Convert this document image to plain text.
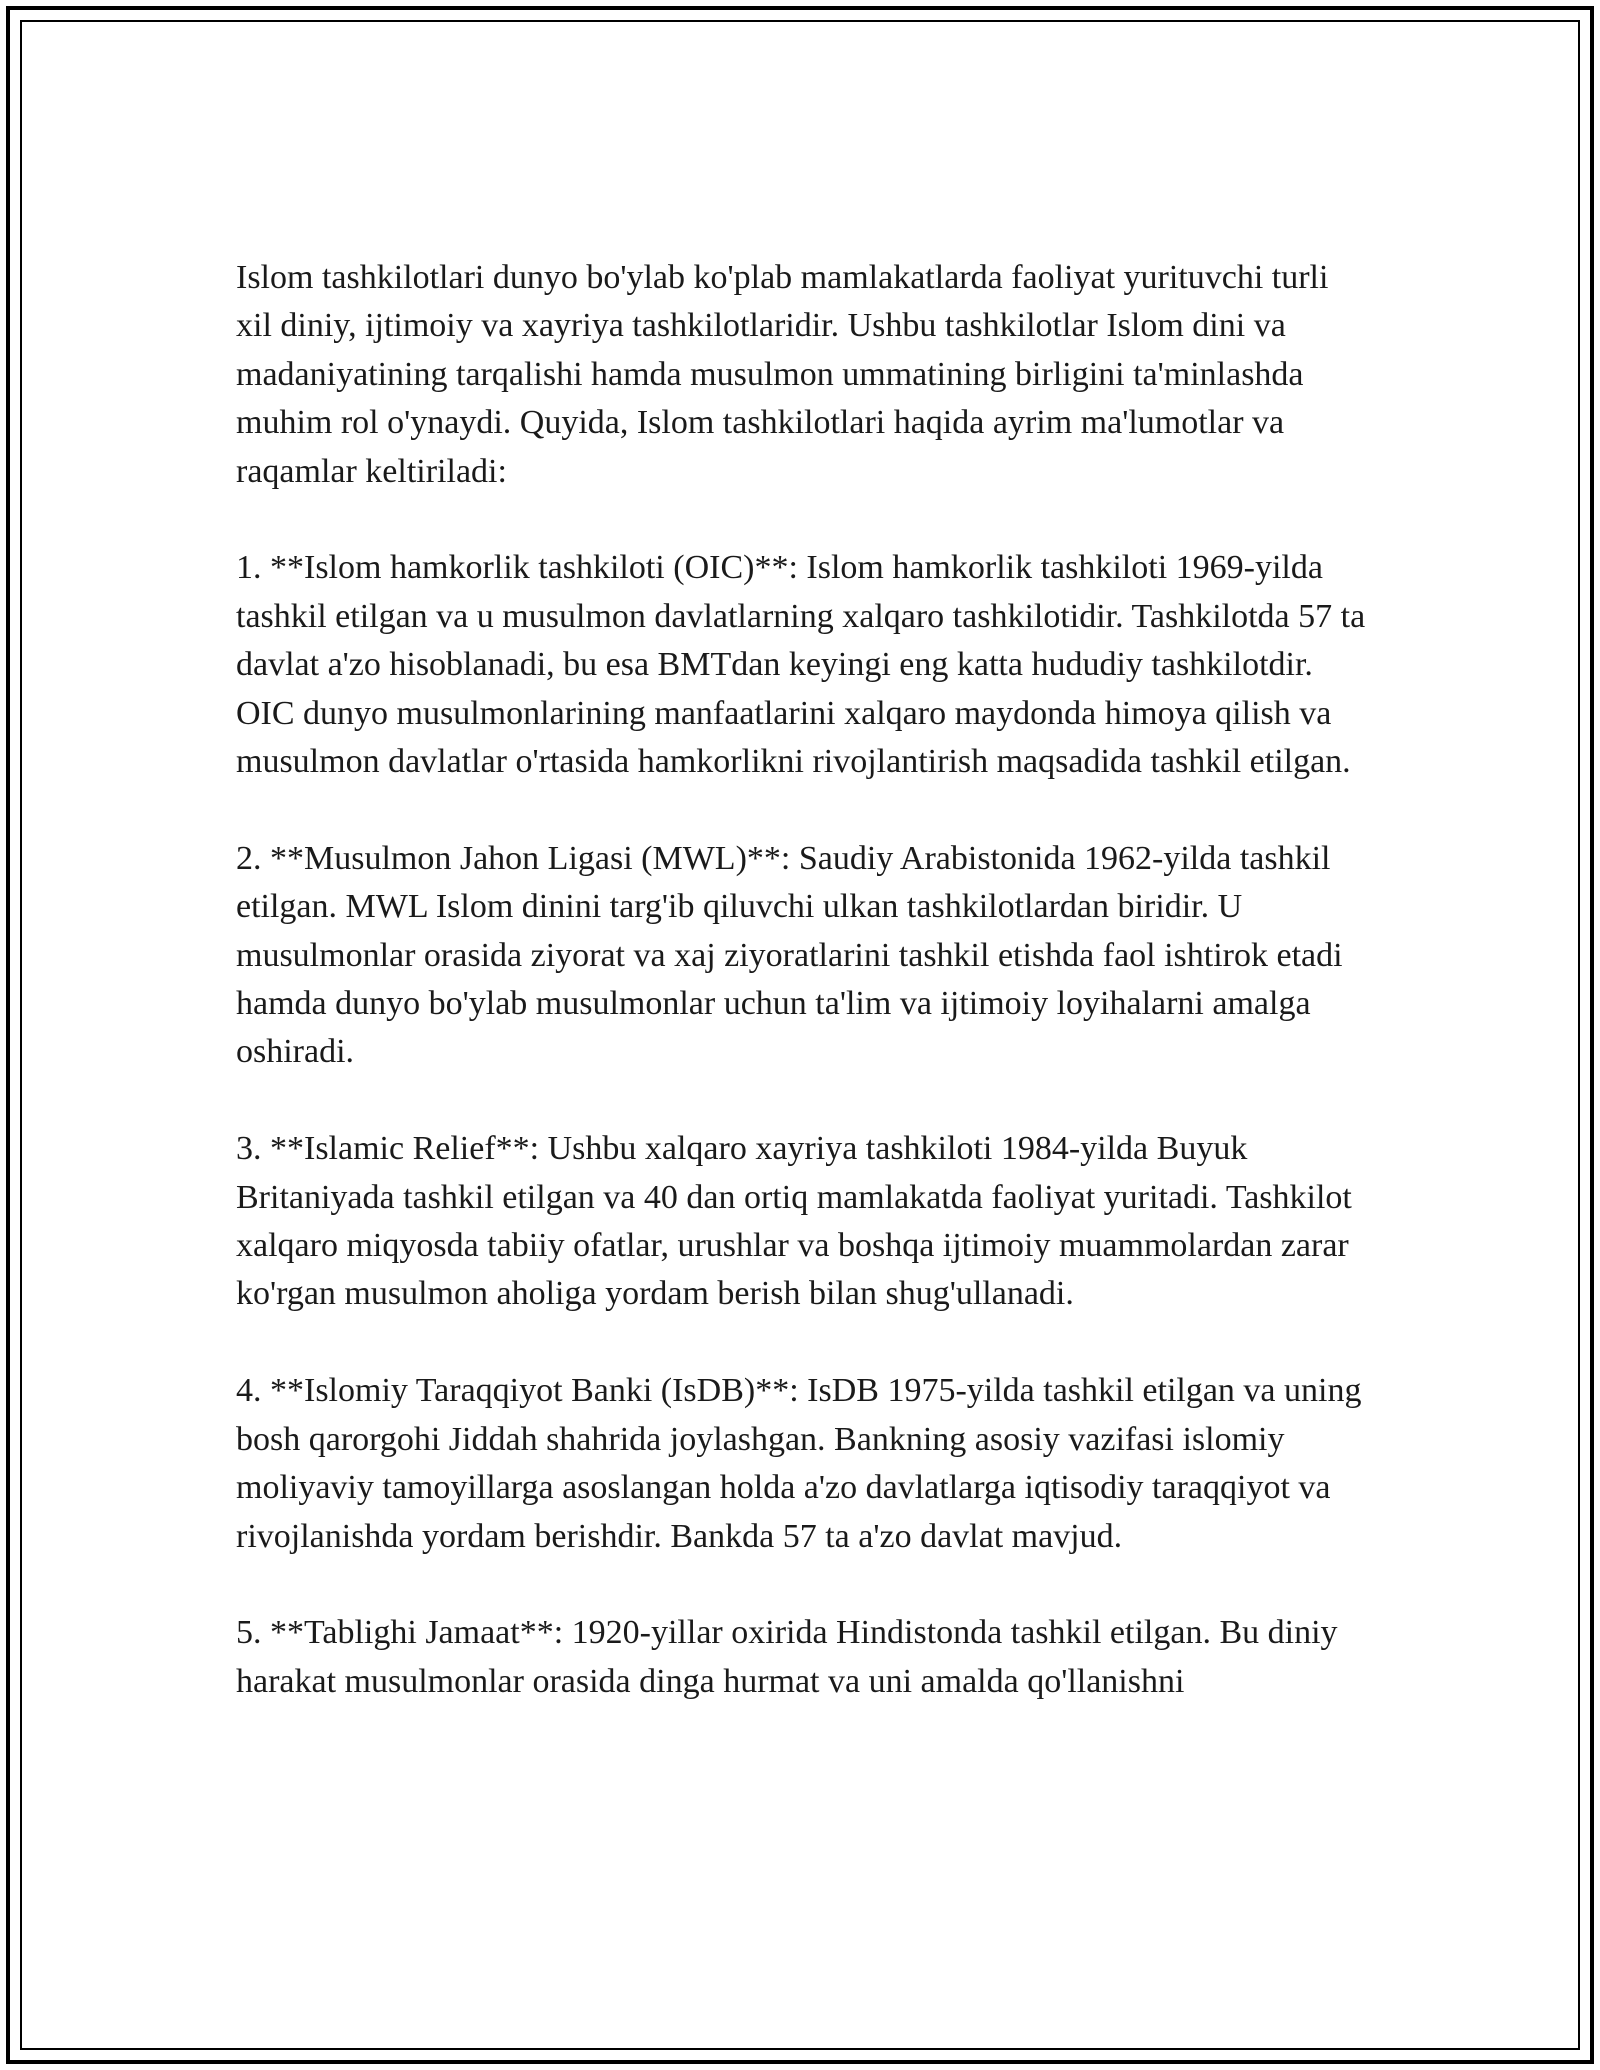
Islom tashkilotlari dunyo bo'ylab ko'plab mamlakatlarda faoliyat yurituvchi turli xil diniy, ijtimoiy va xayriya tashkilotlaridir. Ushbu tashkilotlar Islom dini va madaniyatining tarqalishi hamda musulmon ummatining birligini ta'minlashda muhim rol o'ynaydi. Quyida, Islom tashkilotlari haqida ayrim ma'lumotlar va raqamlar keltiriladi:

1. **Islom hamkorlik tashkiloti (OIC)**: Islom hamkorlik tashkiloti 1969-yilda tashkil etilgan va u musulmon davlatlarning xalqaro tashkilotidir. Tashkilotda 57 ta davlat a'zo hisoblanadi, bu esa BMTdan keyingi eng katta hududiy tashkilotdir. OIC dunyo musulmonlarining manfaatlarini xalqaro maydonda himoya qilish va musulmon davlatlar o'rtasida hamkorlikni rivojlantirish maqsadida tashkil etilgan.

2. **Musulmon Jahon Ligasi (MWL)**: Saudiy Arabistonida 1962-yilda tashkil etilgan. MWL Islom dinini targ'ib qiluvchi ulkan tashkilotlardan biridir. U musulmonlar orasida ziyorat va xaj ziyoratlarini tashkil etishda faol ishtirok etadi hamda dunyo bo'ylab musulmonlar uchun ta'lim va ijtimoiy loyihalarni amalga oshiradi.

3. **Islamic Relief**: Ushbu xalqaro xayriya tashkiloti 1984-yilda Buyuk Britaniyada tashkil etilgan va 40 dan ortiq mamlakatda faoliyat yuritadi. Tashkilot xalqaro miqyosda tabiiy ofatlar, urushlar va boshqa ijtimoiy muammolardan zarar ko'rgan musulmon aholiga yordam berish bilan shug'ullanadi.

4. **Islomiy Taraqqiyot Banki (IsDB)**: IsDB 1975-yilda tashkil etilgan va uning bosh qarorgohi Jiddah shahrida joylashgan. Bankning asosiy vazifasi islomiy moliyaviy tamoyillarga asoslangan holda a'zo davlatlarga iqtisodiy taraqqiyot va rivojlanishda yordam berishdir. Bankda 57 ta a'zo davlat mavjud.

5. **Tablighi Jamaat**: 1920-yillar oxirida Hindistonda tashkil etilgan. Bu diniy harakat musulmonlar orasida dinga hurmat va uni amalda qo'llanishni
